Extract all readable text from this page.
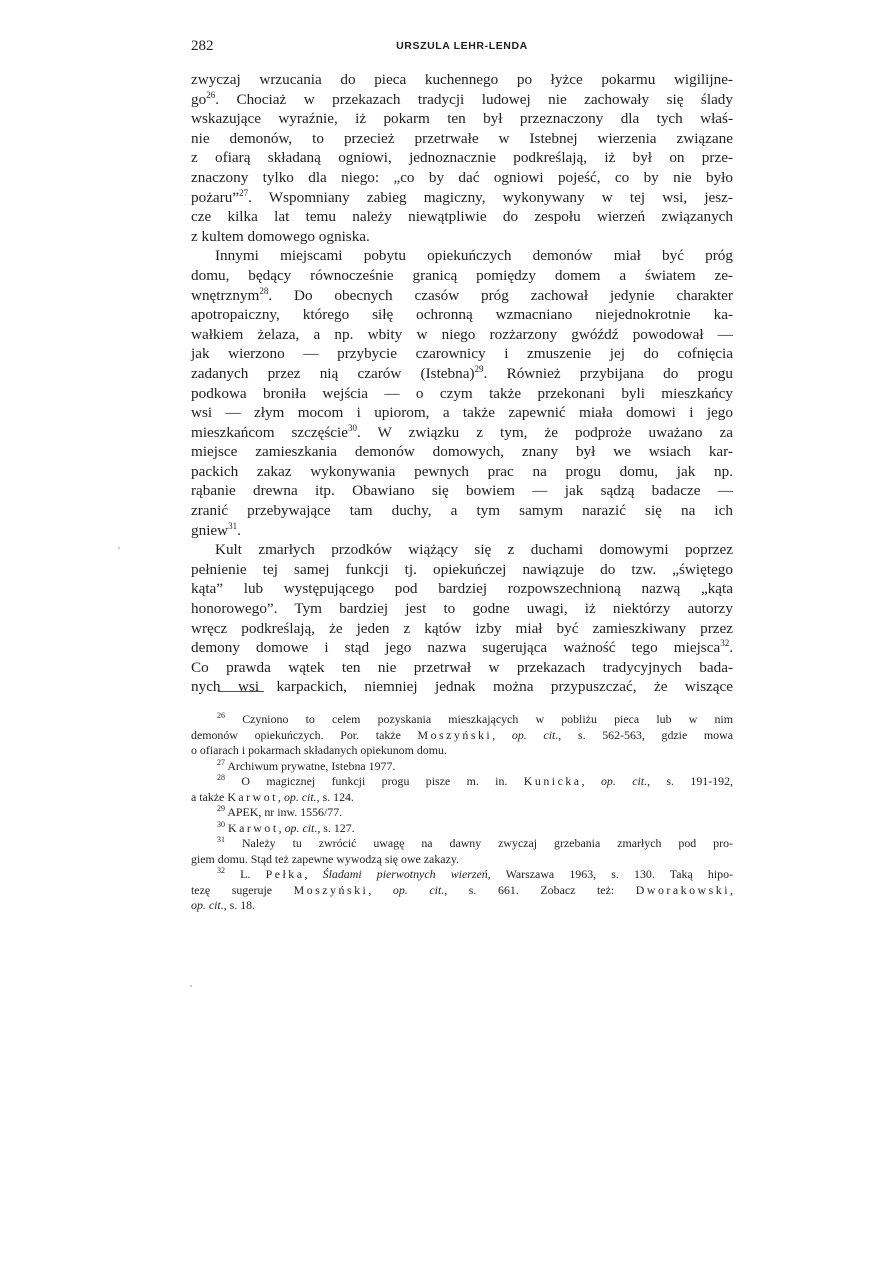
282	URSZULA LEHR-LENDA
zwyczaj wrzucania do pieca kuchennego po łyżce pokarmu wigilijne-
$go^{26}$. Chociaż w przekazach tradycji ludowej nie zachowały się ślady
wskazujące wyraźnie, iż pokarm ten był przeznaczony dla tych właś-
nie demonów, to przecież przetrwałe w Istebnej wierzenia związane
z ofiarą składaną ogniowi, jednoznacznie podkreślają, iż był on prze-
znaczony tylko dla niego: „co by dać ogniowi pojeść, co by nie było
pożaru”$^{27}$. Wspomniany zabieg magiczny, wykonywany w tej wsi, jesz-
cze kilka lat temu należy niewątpliwie do zespołu wierzeń związanych
z kultem domowego ogniska.
Innymi miejscami pobytu opiekuńczych demonów miał być próg
domu, będący równocześnie granicą pomiędzy domem a światem ze-
wnętrznym$^{28}$. Do obecnych czasów próg zachował jedynie charakter
apotropaiczny, którego siłę ochronną wzmacniano niejednokrotnie ka-
wałkiem żelaza, a np. wbity w niego rozżarzony gwóźdź powodował —
jak wierzono — przybycie czarownicy i zmuszenie jej do cofnięcia
zadanych przez nią czarów (Istebna)$^{29}$. Również przybijana do progu
podkowa broniła wejścia — o czym także przekonani byli mieszkańcy
wsi — złym mocom i upiorom, a także zapewnić miała domowi i jego
mieszkańcom szczęście$^{30}$. W związku z tym, że podproże uważano za
miejsce zamieszkania demonów domowych, znany był we wsiach kar-
packich zakaz wykonywania pewnych prac na progu domu, jak np.
rąbanie drewna itp. Obawiano się bowiem — jak sądzą badacze —
zranić przebywające tam duchy, a tym samym narazić się na ich
gniew$^{31}$.
Kult zmarłych przodków wiążący się z duchami domowymi poprzez
pełnienie tej samej funkcji tj. opiekuńczej nawiązuje do tzw. „świętego
kąta” lub występującego pod bardziej rozpowszechnioną nazwą „kąta
honorowego”. Tym bardziej jest to godne uwagi, iż niektórzy autorzy
wręcz podkreślają, że jeden z kątów izby miał być zamieszkiwany przez
demony domowe i stąd jego nazwa sugerująca ważność tego miejsca$^{32}$.
Co prawda wątek ten nie przetrwał w przekazach tradycyjnych bada-
nych wsi karpackich, niemniej jednak można przypuszczać, że wiszące
$^{26}$ Czyniono to celem pozyskania mieszkających w pobliżu pieca lub w nim
demonów opiekuńczych. Por. także Moszyński, op. cit., s. 562-563, gdzie mowa
o ofiarach i pokarmach składanych opiekunom domu.
$^{27}$ Archiwum prywatne, Istebna 1977.
$^{28}$ O magicznej funkcji progu pisze m. in. Kunicka, op. cit., s. 191-192,
a także Karwot, op. cit., s. 124.
$^{29}$ APEK, nr inw. 1556/77.
$^{30}$ Karwot, op. cit., s. 127.
$^{31}$ Należy tu zwrócić uwagę na dawny zwyczaj grzebania zmarłych pod pro-
giem domu. Stąd też zapewne wywodzą się owe zakazy.
$^{32}$ L. Pełka, Śladami pierwotnych wierzeń, Warszawa 1963, s. 130. Taką hipo-
tezę sugeruje Moszyński, op. cit., s. 661. Zobacz też: Dworakowski,
op. cit., s. 18.
